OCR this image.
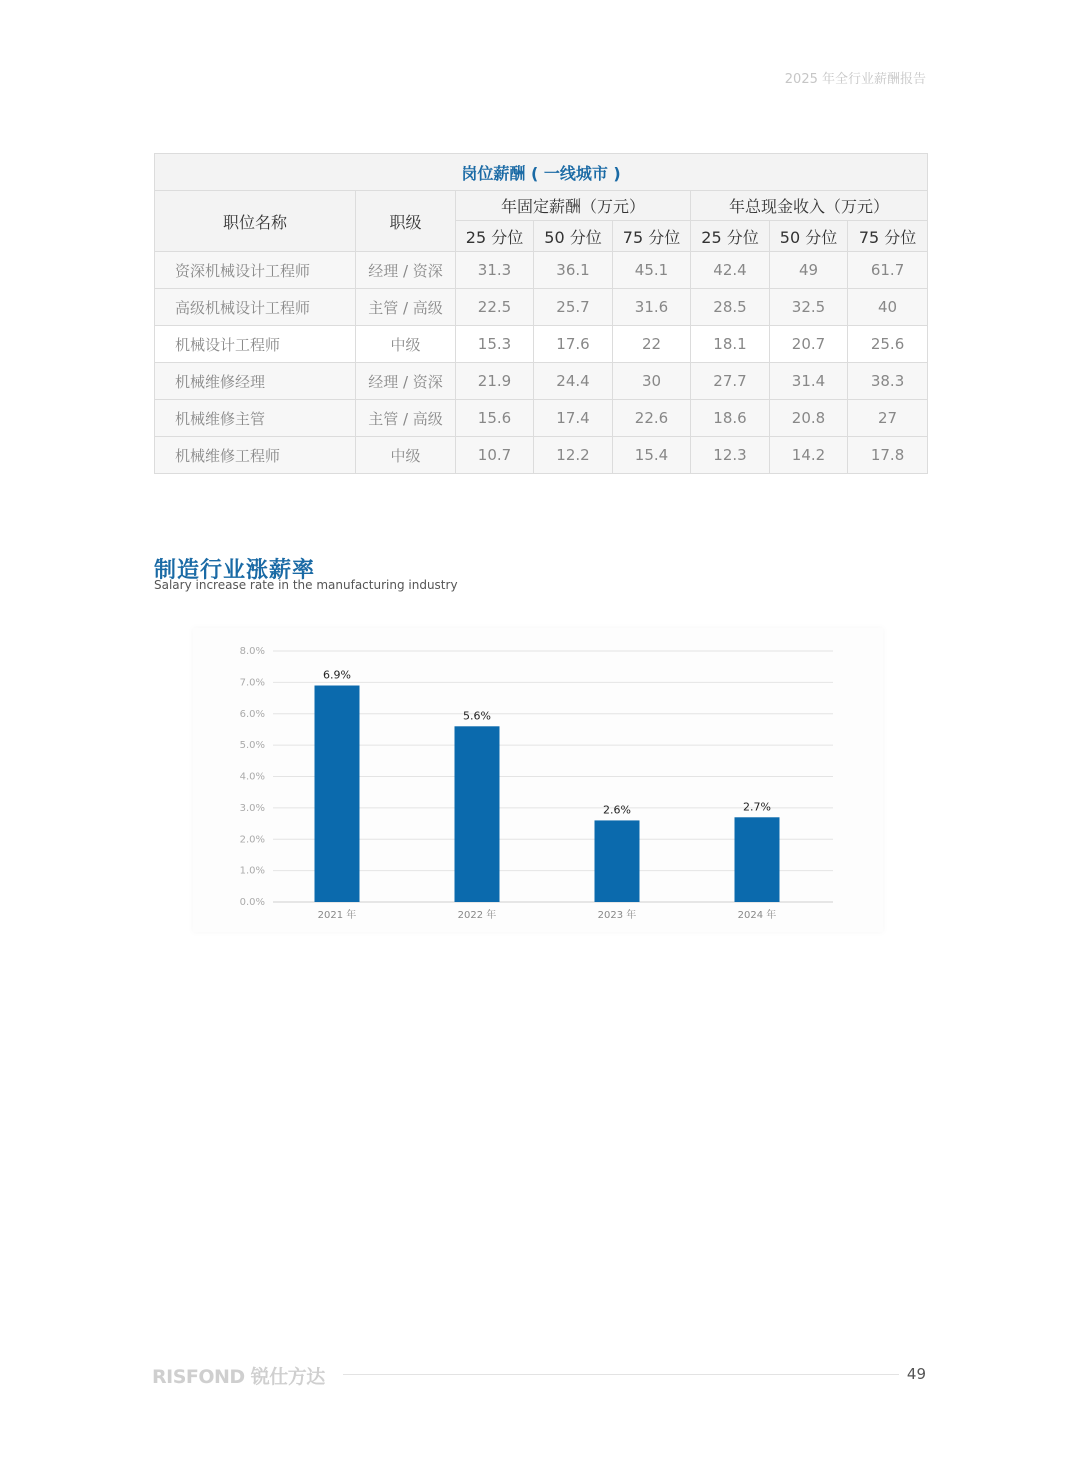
2025 年全行业薪酬报告
岗位薪酬 ( 一线城市 )							
职位名称	职级	年固定薪酬（万元）			年总现金收入（万元）		
		25 分位	50 分位	75 分位	25 分位	50 分位	75 分位
资深机械设计工程师	经理 / 资深	31.3	36.1	45.1	42.4	49	61.7
高级机械设计工程师	主管 / 高级	22.5	25.7	31.6	28.5	32.5	40
机械设计工程师	中级	15.3	17.6	22	18.1	20.7	25.6
机械维修经理	经理 / 资深	21.9	24.4	30	27.7	31.4	38.3
机械维修主管	主管 / 高级	15.6	17.4	22.6	18.6	20.8	27
机械维修工程师	中级	10.7	12.2	15.4	12.3	14.2	17.8
制造行业涨薪率
Salary increase rate in the manufacturing industry
0.0%
1.0%
2.0%
3.0%
4.0%
5.0%
6.0%
7.0%
8.0%
6.9%
2021 年
5.6%
2022 年
2.6%
2023 年
2.7%
2024 年
RISFOND 锐仕方达	49
